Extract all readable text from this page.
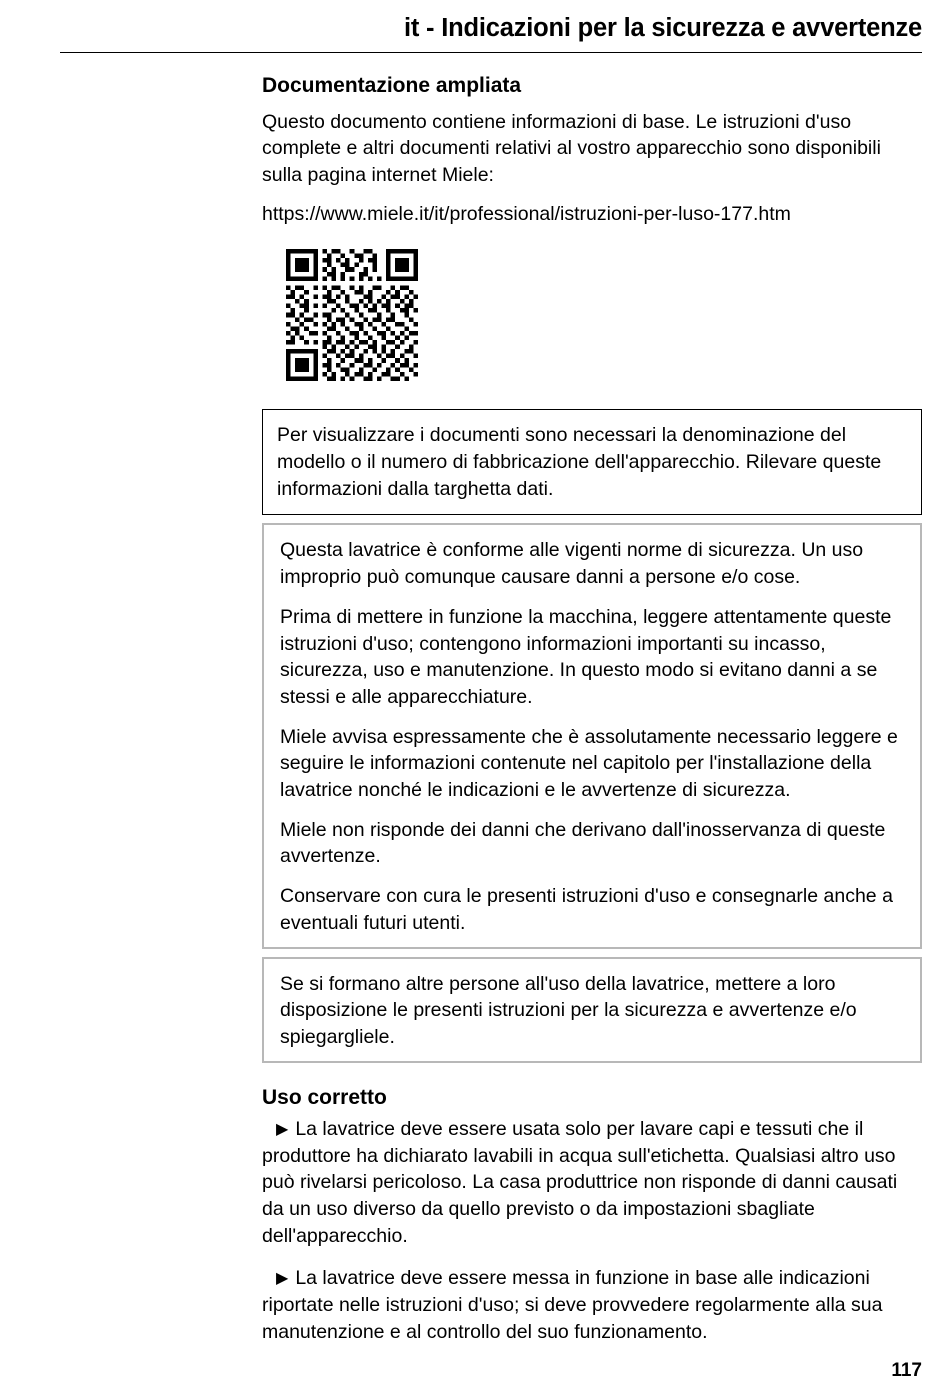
it - Indicazioni per la sicurezza e avvertenze
Documentazione ampliata

Questo documento contiene informazioni di base. Le istruzioni d'uso complete e altri documenti relativi al vostro apparecchio sono disponibili sulla pagina internet Miele:

https://www.miele.it/it/professional/istruzioni-per-luso-177.htm

Per visualizzare i documenti sono necessari la denominazione del modello o il numero di fabbricazione dell'apparecchio. Rilevare queste informazioni dalla targhetta dati.

Questa lavatrice è conforme alle vigenti norme di sicurezza. Un uso improprio può comunque causare danni a persone e/o cose.

Prima di mettere in funzione la macchina, leggere attentamente queste istruzioni d'uso; contengono informazioni importanti su incasso, sicurezza, uso e manutenzione. In questo modo si evitano danni a se stessi e alle apparecchiature.

Miele avvisa espressamente che è assolutamente necessario leggere e seguire le informazioni contenute nel capitolo per l'installazione della lavatrice nonché le indicazioni e le avvertenze di sicurezza.

Miele non risponde dei danni che derivano dall'inosservanza di queste avvertenze.

Conservare con cura le presenti istruzioni d'uso e consegnarle anche a eventuali futuri utenti.

Se si formano altre persone all'uso della lavatrice, mettere a loro disposizione le presenti istruzioni per la sicurezza e avvertenze e/o spiegargliele.

Uso corretto

▶ La lavatrice deve essere usata solo per lavare capi e tessuti che il produttore ha dichiarato lavabili in acqua sull'etichetta. Qualsiasi altro uso può rivelarsi pericoloso. La casa produttrice non risponde di danni causati da un uso diverso da quello previsto o da impostazioni sbagliate dell'apparecchio.

▶ La lavatrice deve essere messa in funzione in base alle indicazioni riportate nelle istruzioni d'uso; si deve provvedere regolarmente alla sua manutenzione e al controllo del suo funzionamento.

117
